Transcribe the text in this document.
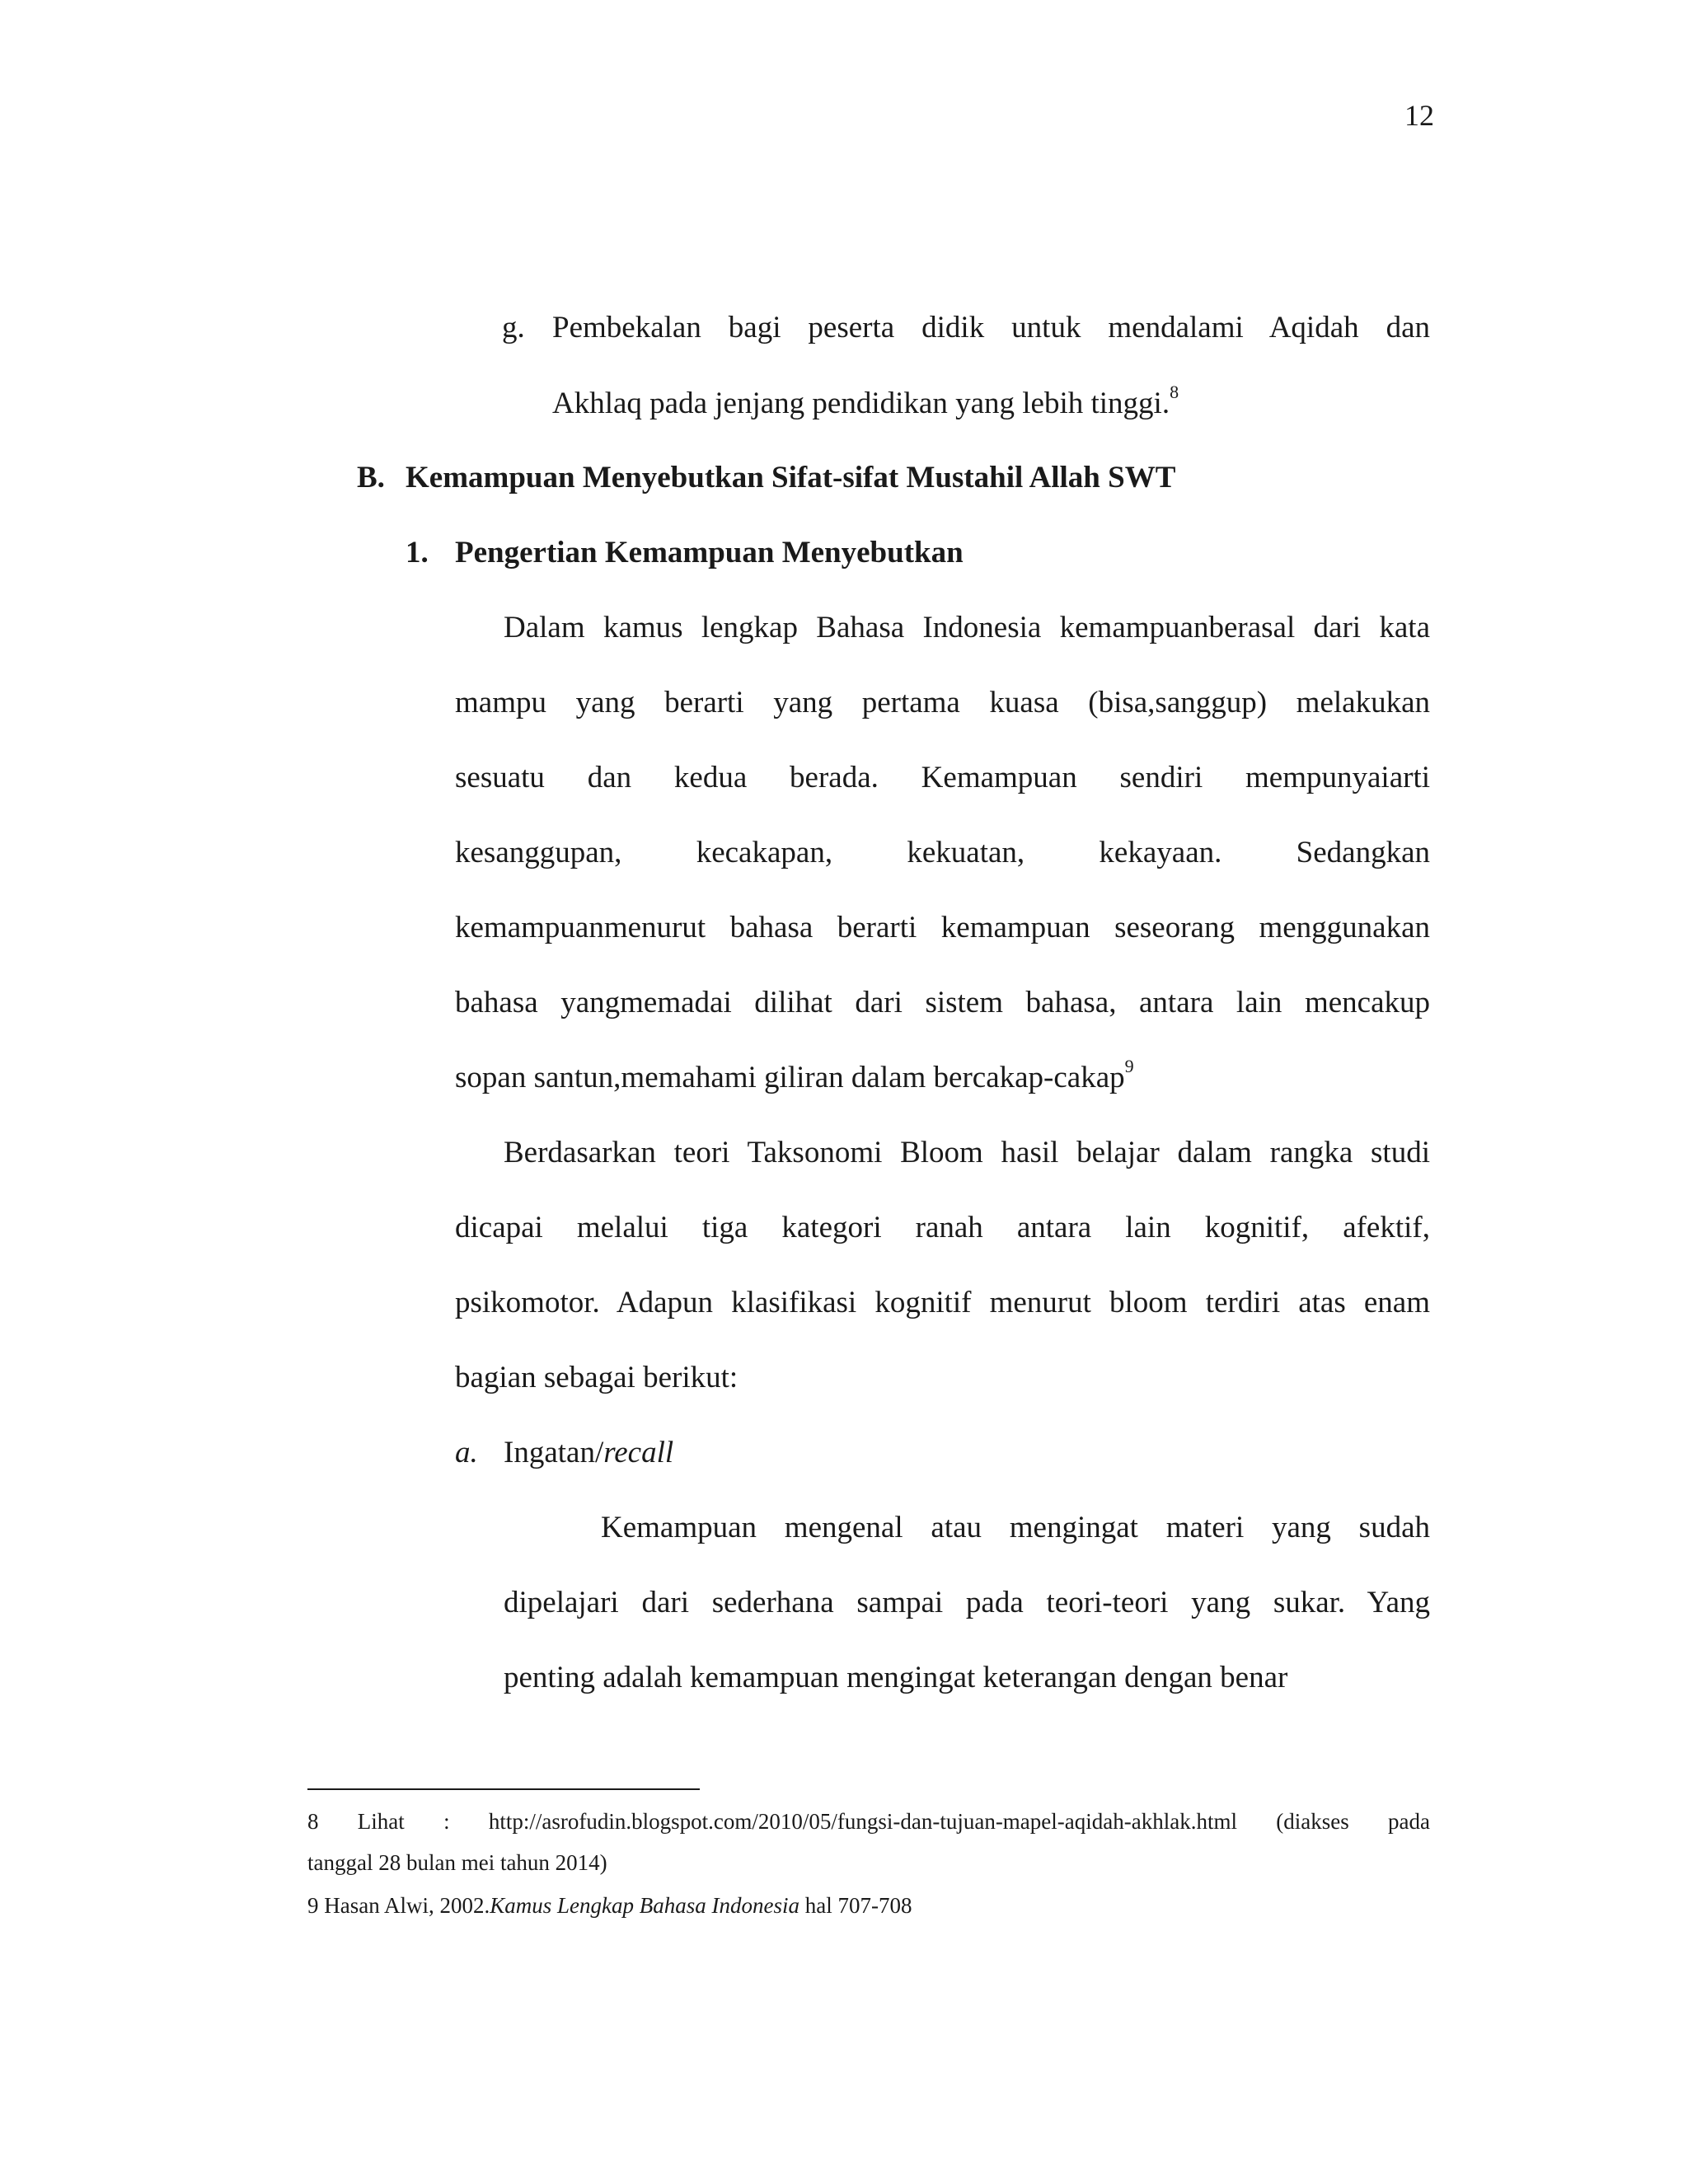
12

g. Pembekalan bagi peserta didik untuk mendalami Aqidah dan

Akhlaq pada jenjang pendidikan yang lebih tinggi.$^8$

B. Kemampuan Menyebutkan Sifat-sifat Mustahil Allah SWT

1. Pengertian Kemampuan Menyebutkan

Dalam kamus lengkap Bahasa Indonesia kemampuanberasal dari kata

mampu yang berarti yang pertama kuasa (bisa,sanggup) melakukan

sesuatu dan kedua berada. Kemampuan sendiri mempunyaiarti

kesanggupan, kecakapan, kekuatan, kekayaan. Sedangkan

kemampuanmenurut bahasa berarti kemampuan seseorang menggunakan

bahasa yangmemadai dilihat dari sistem bahasa, antara lain mencakup

sopan santun,memahami giliran dalam bercakap-cakap$^9$

Berdasarkan teori Taksonomi Bloom hasil belajar dalam rangka studi

dicapai melalui tiga kategori ranah antara lain kognitif, afektif,

psikomotor. Adapun klasifikasi kognitif menurut bloom terdiri atas enam

bagian sebagai berikut:

a. Ingatan/recall

Kemampuan mengenal atau mengingat materi yang sudah

dipelajari dari sederhana sampai pada teori-teori yang sukar. Yang

penting adalah kemampuan mengingat keterangan dengan benar

8 Lihat : http://asrofudin.blogspot.com/2010/05/fungsi-dan-tujuan-mapel-aqidah-akhlak.html (diakses pada

tanggal 28 bulan mei tahun 2014)

9 Hasan Alwi, 2002.Kamus Lengkap Bahasa Indonesia hal 707-708
